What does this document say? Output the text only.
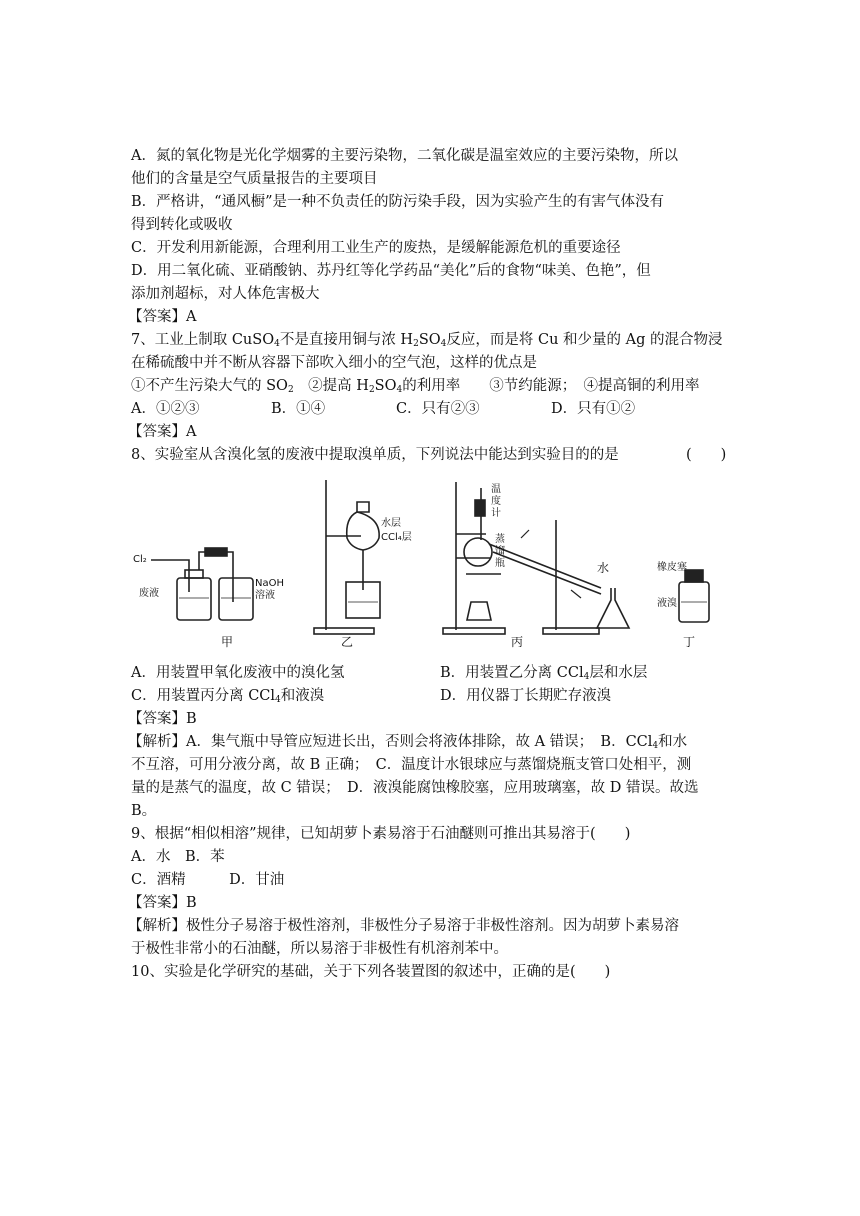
A．氮的氧化物是光化学烟雾的主要污染物，二氧化碳是温室效应的主要污染物，所以
他们的含量是空气质量报告的主要项目
B．严格讲，“通风橱”是一种不负责任的防污染手段，因为实验产生的有害气体没有
得到转化或吸收
C．开发利用新能源，合理利用工业生产的废热，是缓解能源危机的重要途径
D．用二氧化硫、亚硝酸钠、苏丹红等化学药品“美化”后的食物“味美、色艳”，但
添加剂超标，对人体危害极大
【答案】A
7、工业上制取 CuSO$_4$不是直接用铜与浓 $H_2SO_4$反应，而是将 Cu 和少量的 Ag 的混合物浸
在稀硫酸中并不断从容器下部吹入细小的空气泡，这样的优点是
①不产生污染大气的 $SO_2$　②提高 $H_2SO_4$的利用率　　③节约能源；　④提高铜的利用率
A．①②③	B．①④	C．只有②③	D．只有①②
【答案】A
8、实验室从含溴化氢的废液中提取溴单质，下列说法中能达到实验目的的是	(　　)
Cl₂
废液
NaOH
溶液
水层
CCl₄层
温
度
计
蒸
馏
瓶	水	橡皮塞
液溴
甲	乙	丙	丁
A．用装置甲氧化废液中的溴化氢	B．用装置乙分离 CCl$_4$层和水层
C．用装置丙分离 CCl$_4$和液溴	D．用仪器丁长期贮存液溴
【答案】B
【解析】A．集气瓶中导管应短进长出，否则会将液体排除，故 A 错误；　B．CCl$_4$和水
不互溶，可用分液分离，故 B 正确；　C．温度计水银球应与蒸馏烧瓶支管口处相平，测
量的是蒸气的温度，故 C 错误；　D．液溴能腐蚀橡胶塞，应用玻璃塞，故 D 错误。故选
B。
9、根据“相似相溶”规律，已知胡萝卜素易溶于石油醚则可推出其易溶于(　　)
A．水　B．苯
C．酒精　　　D．甘油
【答案】B
【解析】极性分子易溶于极性溶剂，非极性分子易溶于非极性溶剂。因为胡萝卜素易溶
于极性非常小的石油醚，所以易溶于非极性有机溶剂苯中。
10、实验是化学研究的基础，关于下列各装置图的叙述中，正确的是(　　)
